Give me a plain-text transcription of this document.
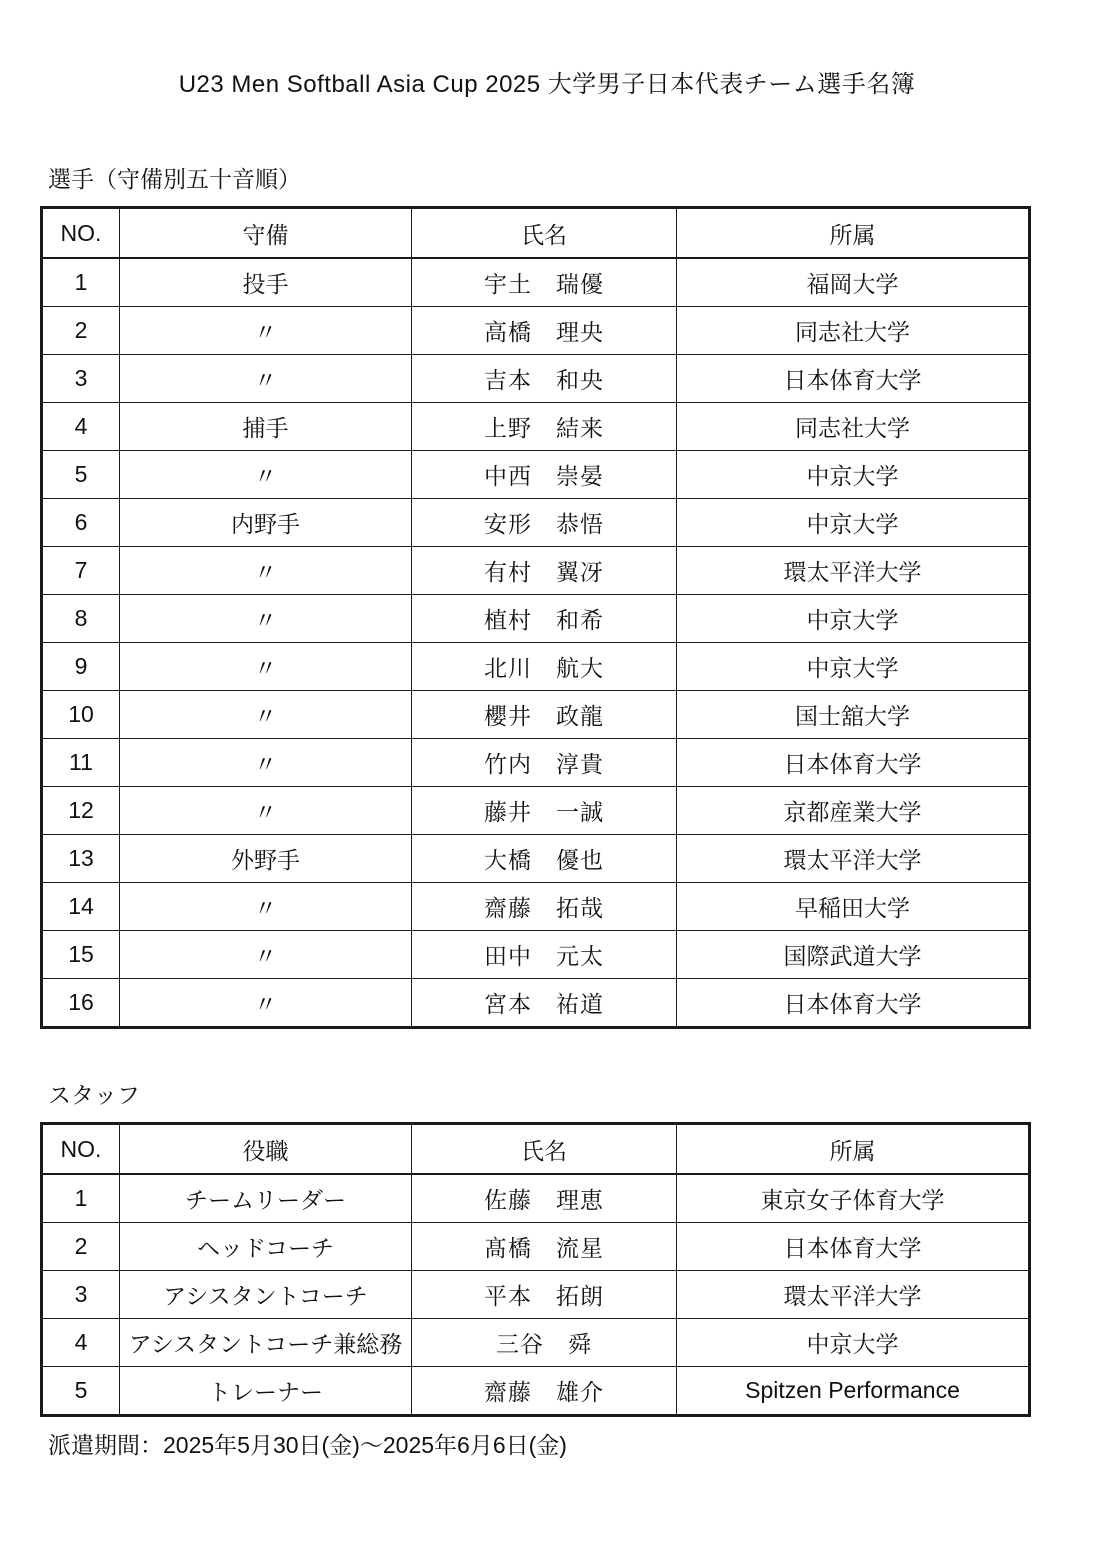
U23 Men Softball Asia Cup 2025 大学男子日本代表チーム選手名簿
選手（守備別五十音順）
NO.	守備	氏名	所属
1	投手	宇土　瑞優	福岡大学
2	〃	高橋　理央	同志社大学
3	〃	吉本　和央	日本体育大学
4	捕手	上野　結来	同志社大学
5	〃	中西　崇晏	中京大学
6	内野手	安形　恭悟	中京大学
7	〃	有村　翼冴	環太平洋大学
8	〃	植村　和希	中京大学
9	〃	北川　航大	中京大学
10	〃	櫻井　政龍	国士舘大学
11	〃	竹内　淳貴	日本体育大学
12	〃	藤井　一誠	京都産業大学
13	外野手	大橋　優也	環太平洋大学
14	〃	齋藤　拓哉	早稲田大学
15	〃	田中　元太	国際武道大学
16	〃	宮本　祐道	日本体育大学
スタッフ
NO.	役職	氏名	所属
1	チームリーダー	佐藤　理恵	東京女子体育大学
2	ヘッドコーチ	髙橋　流星	日本体育大学
3	アシスタントコーチ	平本　拓朗	環太平洋大学
4	アシスタントコーチ兼総務	三谷　舜	中京大学
5	トレーナー	齋藤　雄介	Spitzen Performance
派遣期間：2025年5月30日(金)～2025年6月6日(金)
